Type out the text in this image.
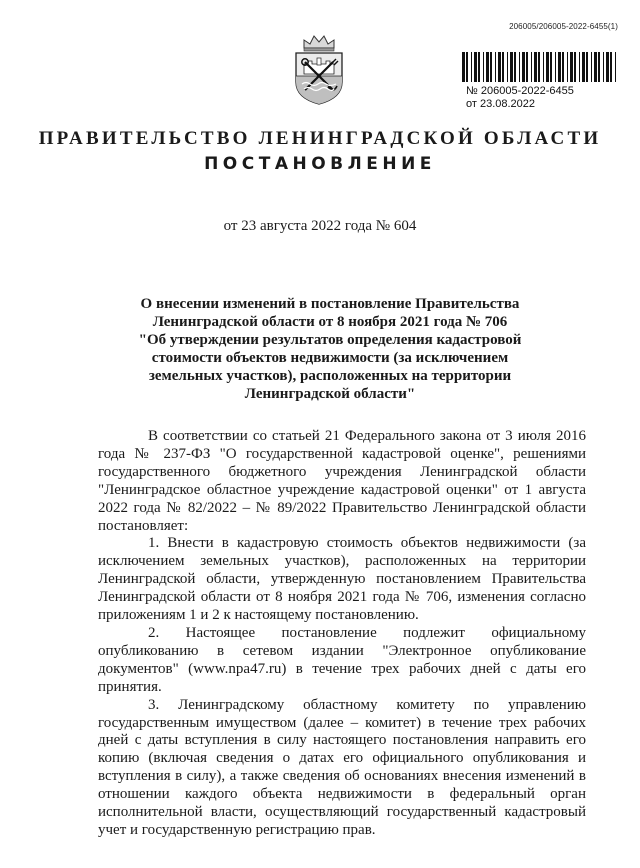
206005/206005-2022-6455(1)
№ 206005-2022-6455
от 23.08.2022
ПРАВИТЕЛЬСТВО ЛЕНИНГРАДСКОЙ ОБЛАСТИ
ПОСТАНОВЛЕНИЕ
от 23 августа 2022 года № 604
О внесении изменений в постановление Правительства
Ленинградской области от 8 ноября 2021 года № 706
"Об утверждении результатов определения кадастровой
стоимости объектов недвижимости (за исключением
земельных участков), расположенных на территории
Ленинградской области"

В соответствии со статьей 21 Федерального закона от 3 июля 2016 года № 237-ФЗ "О государственной кадастровой оценке", решениями государственного бюджетного учреждения Ленинградской области "Ленинградское областное учреждение кадастровой оценки" от 1 августа 2022 года № 82/2022 – № 89/2022 Правительство Ленинградской области постановляет:

1. Внести в кадастровую стоимость объектов недвижимости (за исключением земельных участков), расположенных на территории Ленинградской области, утвержденную постановлением Правительства Ленинградской области от 8 ноября 2021 года № 706, изменения согласно приложениям 1 и 2 к настоящему постановлению.

2. Настоящее постановление подлежит официальному опубликованию в сетевом издании "Электронное опубликование документов" (www.npa47.ru) в течение трех рабочих дней с даты его принятия.

3. Ленинградскому областному комитету по управлению государственным имуществом (далее – комитет) в течение трех рабочих дней с даты вступления в силу настоящего постановления направить его копию (включая сведения о датах его официального опубликования и вступления в силу), а также сведения об основаниях внесения изменений в отношении каждого объекта недвижимости в федеральный орган исполнительной власти, осуществляющий государственный кадастровый учет и государственную регистрацию прав.
